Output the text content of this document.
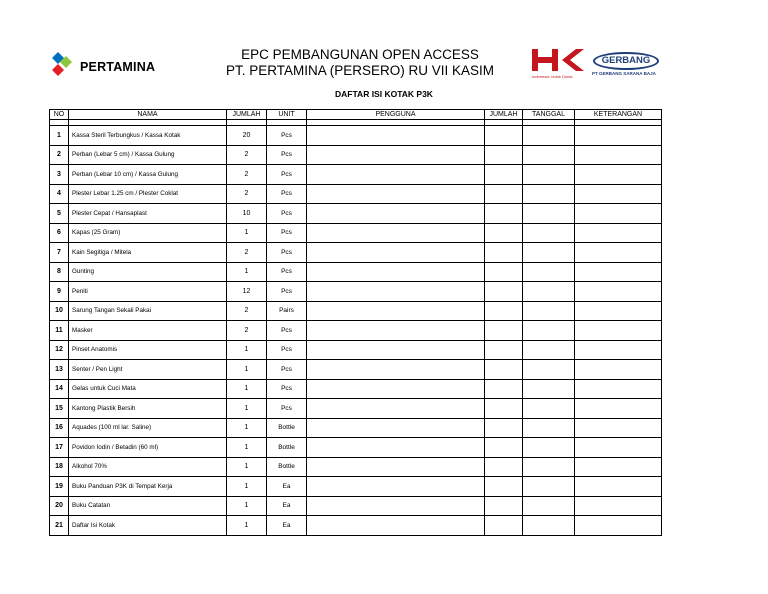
PERTAMINA
EPC PEMBANGUNAN OPEN ACCESS
PT. PERTAMINA (PERSERO) RU VII KASIM	Indonesia Untuk Dunia
GERBANG
PT GERBANG SARANA BAJA
DAFTAR ISI KOTAK P3K
NO	NAMA	JUMLAH	UNIT	PENGGUNA	JUMLAH	TANGGAL	KETERANGAN

1	Kassa Steril Terbungkus / Kassa Kotak	20	Pcs				
2	Perban (Lebar 5 cm) / Kassa Gulung	2	Pcs				
3	Perban (Lebar 10 cm) / Kassa Gulung	2	Pcs				
4	Plester Lebar 1.25 cm / Plester Coklat	2	Pcs				
5	Plester Cepat / Hansaplast	10	Pcs				
6	Kapas (25 Gram)	1	Pcs				
7	Kain Segitiga / Mitela	2	Pcs				
8	Gunting	1	Pcs				
9	Peniti	12	Pcs				
10	Sarung Tangan Sekali Pakai	2	Pairs				
11	Masker	2	Pcs				
12	Pinset Anatomis	1	Pcs				
13	Senter / Pen Light	1	Pcs				
14	Gelas untuk Cuci Mata	1	Pcs				
15	Kantong Plastik Bersih	1	Pcs				
16	Aquades (100 ml lar. Saline)	1	Bottle				
17	Povidon Iodin / Betadin (60 ml)	1	Bottle				
18	Alkohol 70%	1	Bottle				
19	Buku Panduan P3K di Tempat Kerja	1	Ea				
20	Buku Catatan	1	Ea				
21	Daftar Isi Kotak	1	Ea				
